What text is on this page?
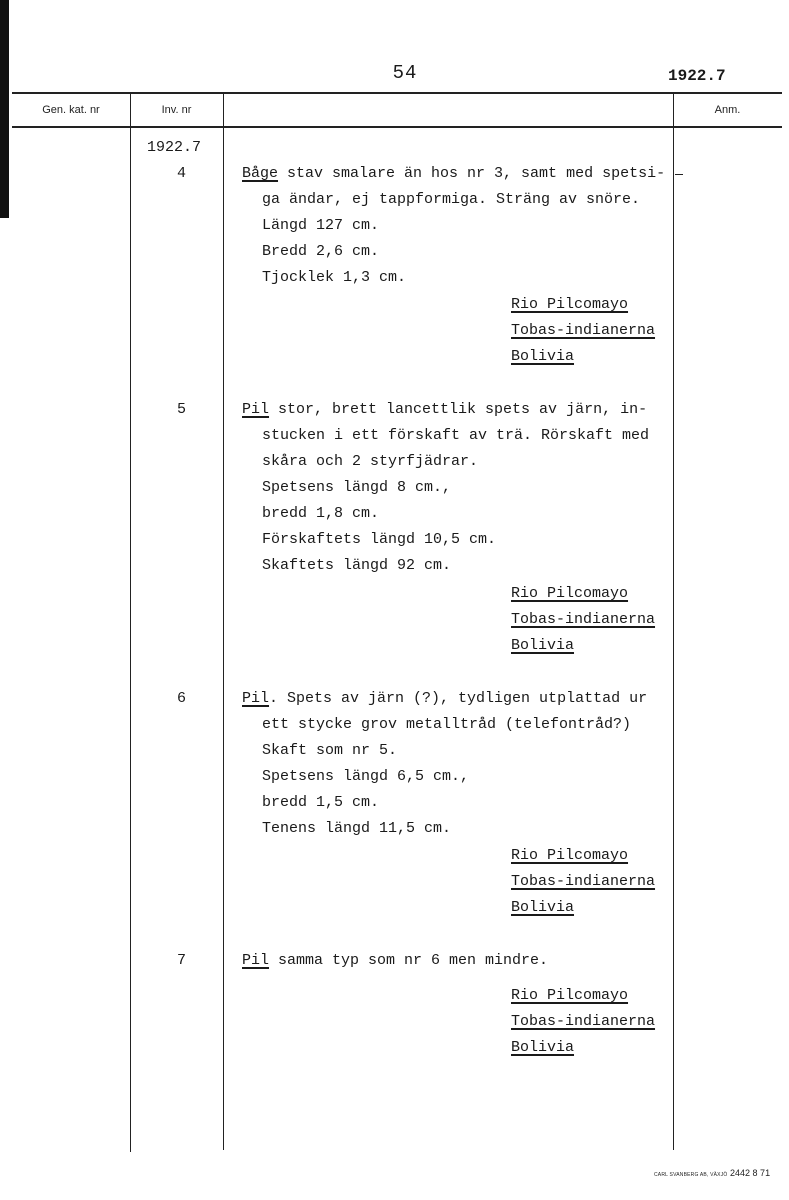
54	1922.7
Gen. kat. nr	Inv. nr	Anm.
1922.7
4	Båge stav smalare än hos nr 3, samt med spetsi-
ga ändar, ej tappformiga. Sträng av snöre.
Längd 127 cm.
Bredd 2,6 cm.
Tjocklek 1,3 cm.
Rio Pilcomayo
Tobas-indianerna
Bolivia
5	Pil stor, brett lancettlik spets av järn, in-
stucken i ett förskaft av trä. Rörskaft med
skåra och 2 styrfjädrar.
Spetsens längd 8 cm.,
bredd 1,8 cm.
Förskaftets längd 10,5 cm.
Skaftets längd 92 cm.
Rio Pilcomayo
Tobas-indianerna
Bolivia
6	Pil. Spets av järn (?), tydligen utplattad ur
ett stycke grov metalltråd (telefontråd?)
Skaft som nr 5.
Spetsens längd 6,5 cm.,
bredd 1,5 cm.
Tenens längd 11,5 cm.
Rio Pilcomayo
Tobas-indianerna
Bolivia
7	Pil samma typ som nr 6 men mindre.
Rio Pilcomayo
Tobas-indianerna
Bolivia
CARL SVANBERG AB, VÄXJÖ 2442 8 71
